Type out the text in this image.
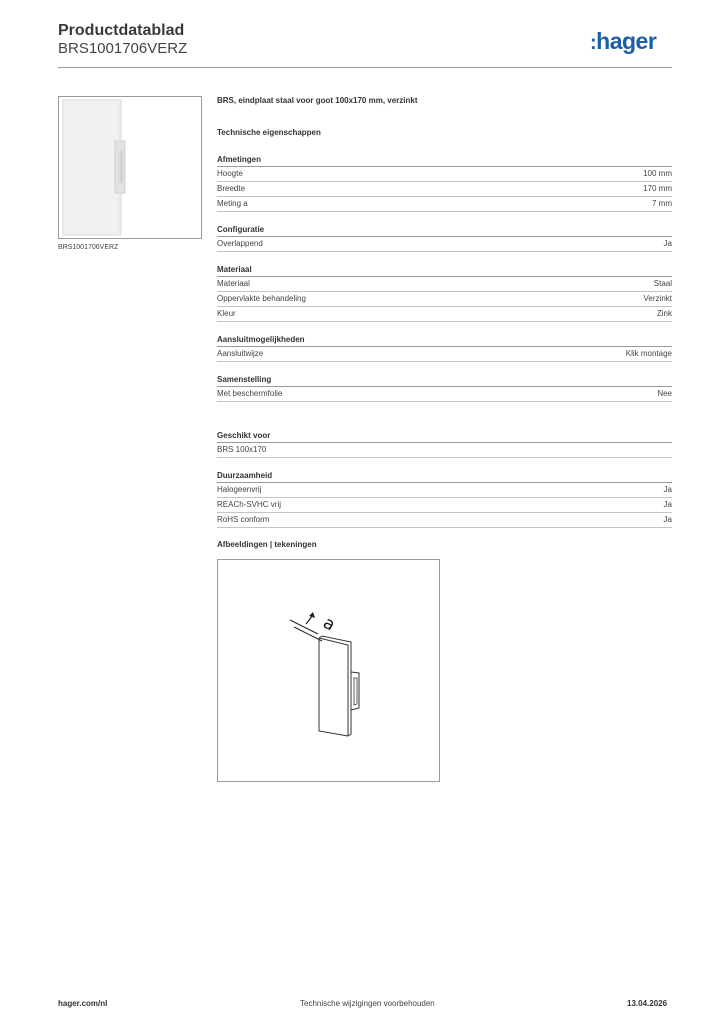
Productdatablad
BRS1001706VERZ	:hager
BRS1001706VERZ
BRS, eindplaat staal voor goot 100x170 mm, verzinkt
Technische eigenschappen
Afmetingen
Hoogte	100 mm
Breedte	170 mm
Meting a	7 mm
Configuratie
Overlappend	Ja
Materiaal
Materiaal	Staal
Oppervlakte behandeling	Verzinkt
Kleur	Zink
Aansluitmogelijkheden
Aansluitwijze	Klik montage
Samenstelling
Met beschermfolie	Nee
Geschikt voor
BRS 100x170
Duurzaamheid
Halogeenvrij	Ja
REACh-SVHC vrij	Ja
RoHS conform	Ja
Afbeeldingen | tekeningen
a
hager.com/nl	Technische wijzigingen voorbehouden	13.04.2026
